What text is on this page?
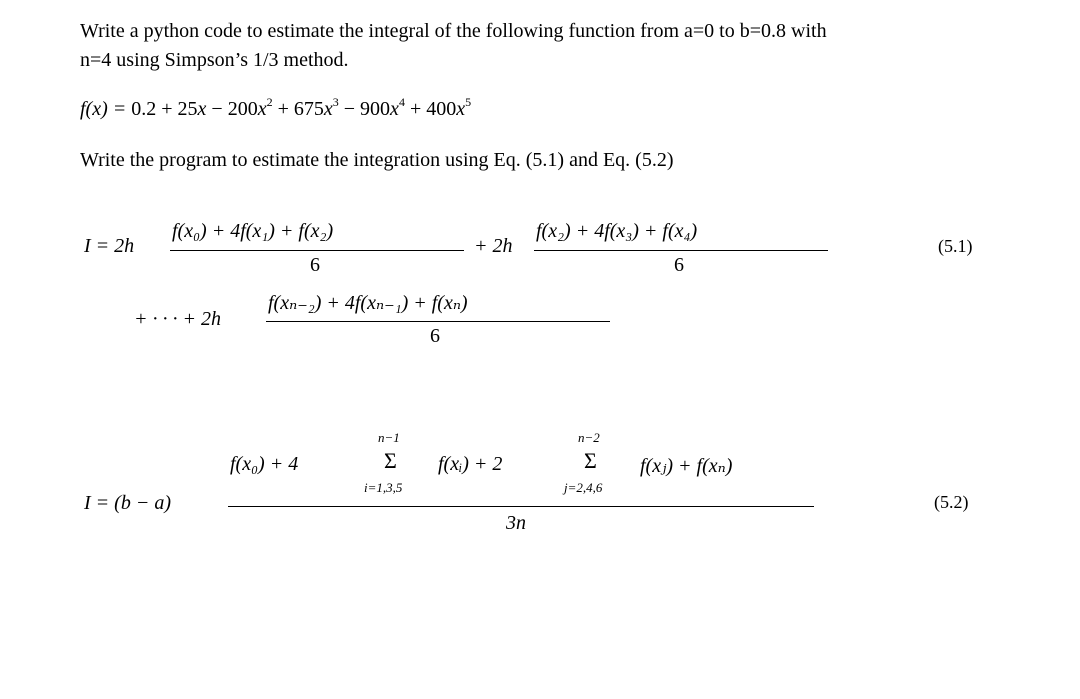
Write a python code to estimate the integral of the following function from a=0 to b=0.8 with
n=4 using Simpson’s 1/3 method.
$f(x) = 0.2 + 25x - 200x^2 + 675x^3 - 900x^4 + 400x^5$
Write the program to estimate the integration using Eq. (5.1) and Eq. (5.2)
I = 2h
f(x₀) + 4f(x₁) + f(x₂)
6
+ 2h
f(x₂) + 4f(x₃) + f(x₄)
6
(5.1)
+ · · · + 2h
f(xₙ₋₂) + 4f(xₙ₋₁) + f(xₙ)
6
I = (b − a)
f(x₀) + 4
n−1
Σ
i=1,3,5
f(xᵢ) + 2
n−2
Σ
j=2,4,6
f(xⱼ) + f(xₙ)
3n
(5.2)
